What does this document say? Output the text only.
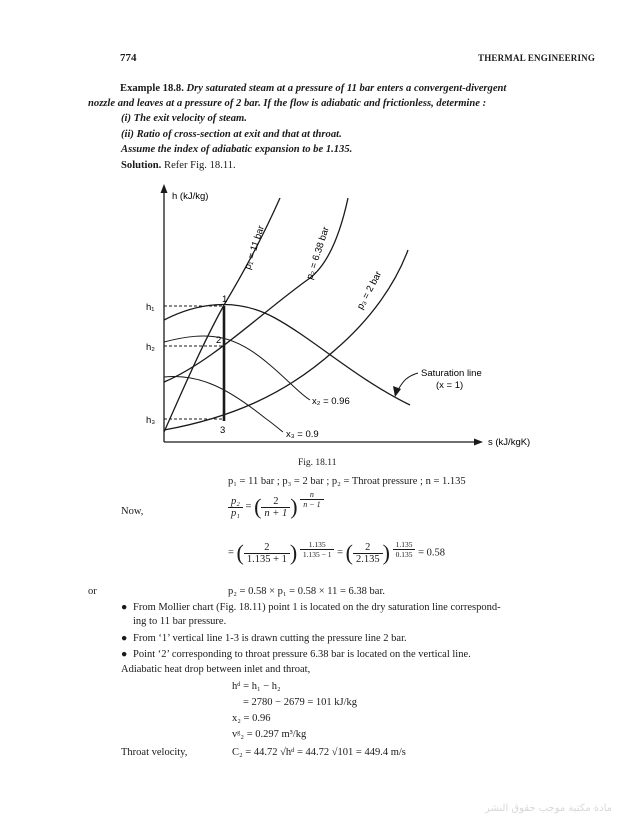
774	THERMAL ENGINEERING
Example 18.8. Dry saturated steam at a pressure of 11 bar enters a convergent-divergent
nozzle and leaves at a pressure of 2 bar. If the flow is adiabatic and frictionless, determine :
(i) The exit velocity of steam.
(ii) Ratio of cross-section at exit and that at throat.
Assume the index of adiabatic expansion to be 1.135.
Solution. Refer Fig. 18.11.
h (kJ/kg)
s (kJ/kgK)
p₁ = 11 bar	p₂ = 6.38 bar
p₃ = 2 bar
h₁
h₂
h₃
1
2
3
x₂ = 0.96
x₃ = 0.9
Saturation line
(x = 1)
Fig. 18.11
p₁ = 11 bar ; p₃ = 2 bar ; p₂ = Throat pressure ; n = 1.135
Now,	$\frac{\text{p₂}}{\text{p₁}}$ = ( $\frac{2}{n + 1}$ ) $\frac{n}{n - 1}$
= ( $\frac{2}{1.135 + 1}$ ) $\frac{1.135}{1.135 - 1}$ = ( $\frac{2}{2.135}$ ) $\frac{1.135}{0.135} = 0.58$
or	p₂ = 0.58 × p₁ = 0.58 × 11 = 6.38 bar.
● From Mollier chart (Fig. 18.11) point 1 is located on the dry saturation line correspond-
ing to 11 bar pressure.
● From ‘1’ vertical line 1-3 is drawn cutting the pressure line 2 bar.
● Point ‘2’ corresponding to throat pressure 6.38 bar is located on the vertical line.
Adiabatic heat drop between inlet and throat,
hᵈ = h₁ − h₂
= 2780 − 2679 = 101 kJ/kg
x₂ = 0.96
vᵍ₂ = 0.297 m³/kg
Throat velocity,	C₂ = 44.72 √hᵈ = 44.72 √101 = 449.4 m/s
مادة مكتبة موجب حقوق النشر
